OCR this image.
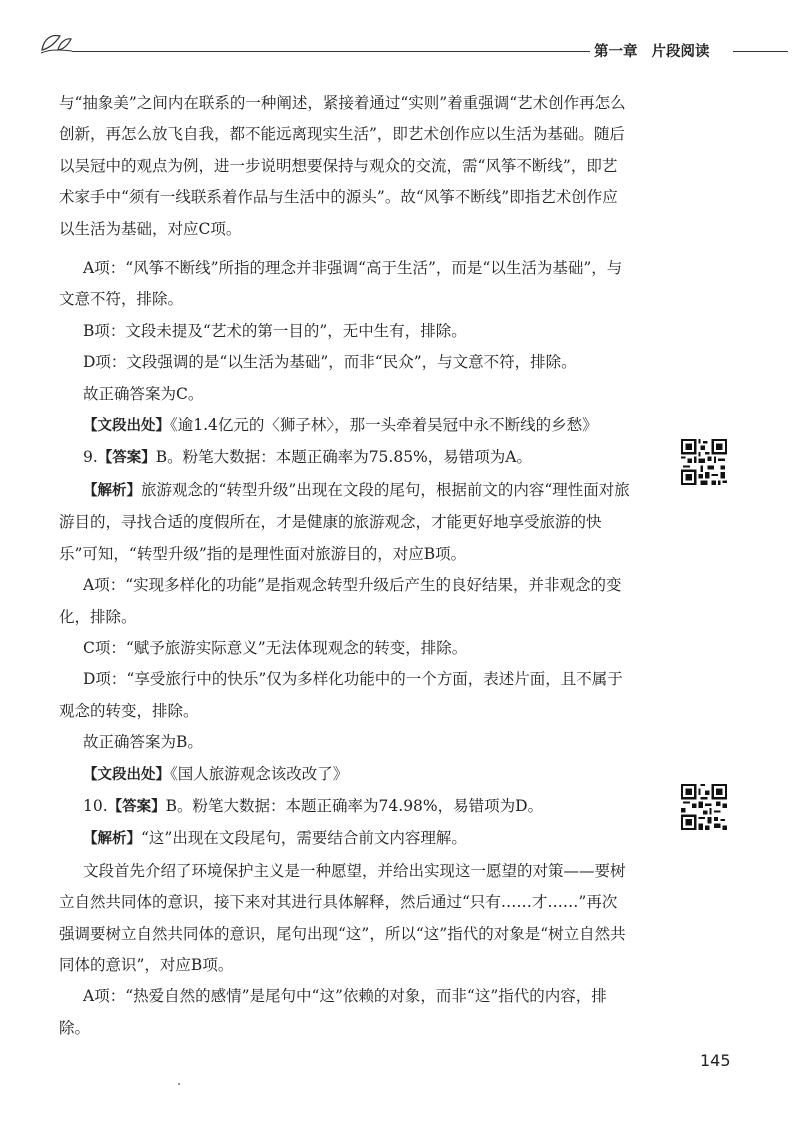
第一章 片段阅读

与“抽象美”之间内在联系的一种阐述，紧接着通过“实则”着重强调“艺术创作再怎么创新，再怎么放飞自我，都不能远离现实生活”，即艺术创作应以生活为基础。随后以吴冠中的观点为例，进一步说明想要保持与观众的交流，需“风筝不断线”，即艺术家手中“须有一线联系着作品与生活中的源头”。故“风筝不断线”即指艺术创作应以生活为基础，对应C项。

A项：“风筝不断线”所指的理念并非强调“高于生活”，而是“以生活为基础”，与文意不符，排除。

B项：文段未提及“艺术的第一目的”，无中生有，排除。

D项：文段强调的是“以生活为基础”，而非“民众”，与文意不符，排除。

故正确答案为C。

【文段出处】《逾1.4亿元的〈狮子林〉，那一头牵着吴冠中永不断线的乡愁》

9.【答案】B。粉笔大数据：本题正确率为75.85%，易错项为A。

【解析】旅游观念的“转型升级”出现在文段的尾句，根据前文的内容“理性面对旅游目的，寻找合适的度假所在，才是健康的旅游观念，才能更好地享受旅游的快乐”可知，“转型升级”指的是理性面对旅游目的，对应B项。

A项：“实现多样化的功能”是指观念转型升级后产生的良好结果，并非观念的变化，排除。

C项：“赋予旅游实际意义”无法体现观念的转变，排除。

D项：“享受旅行中的快乐”仅为多样化功能中的一个方面，表述片面，且不属于观念的转变，排除。

故正确答案为B。

【文段出处】《国人旅游观念该改改了》

10.【答案】B。粉笔大数据：本题正确率为74.98%，易错项为D。

【解析】“这”出现在文段尾句，需要结合前文内容理解。

文段首先介绍了环境保护主义是一种愿望，并给出实现这一愿望的对策——要树立自然共同体的意识，接下来对其进行具体解释，然后通过“只有……才……”再次强调要树立自然共同体的意识，尾句出现“这”，所以“这”指代的对象是“树立自然共同体的意识”，对应B项。

A项：“热爱自然的感情”是尾句中“这”依赖的对象，而非“这”指代的内容，排除。

145
